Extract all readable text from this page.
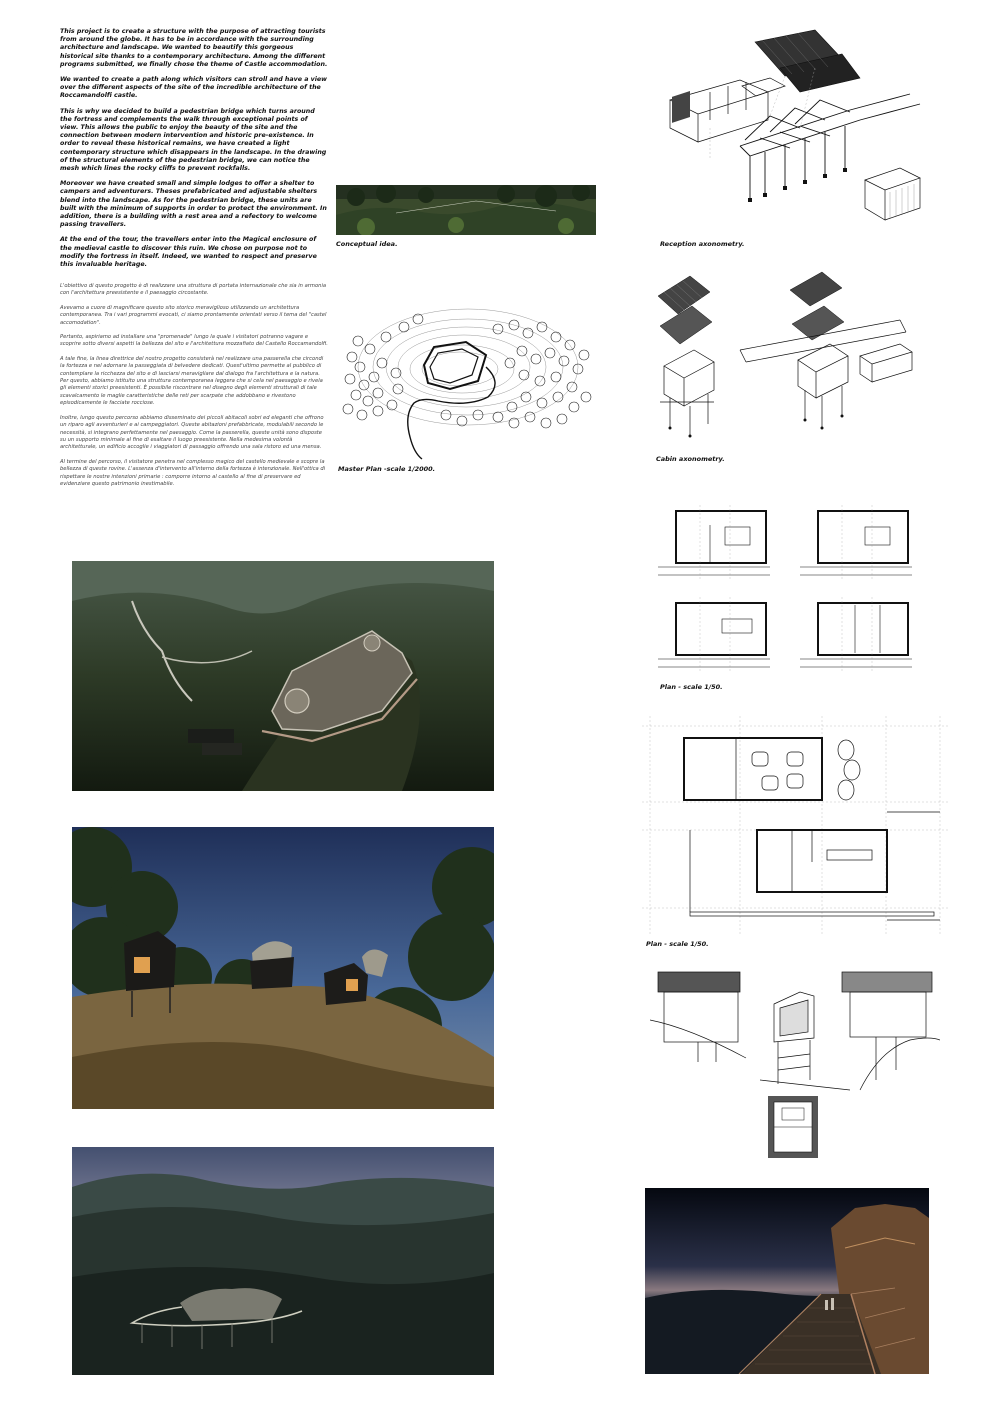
This project is to create a structure with the purpose of attracting tourists from around the globe. It has to be in accordance with the surrounding architecture and landscape. We wanted to beautify this gorgeous historical site thanks to a contemporary architecture. Among the different programs submitted, we finally chose the theme of Castle accommodation.

We wanted to create a path along which visitors can stroll and have a view over the different aspects of the site of the incredible architecture of the Roccamandolfi castle.

This is why we decided to build a pedestrian bridge which turns around the fortress and complements the walk through exceptional points of view. This allows the public to enjoy the beauty of the site and the connection between modern intervention and historic pre-existence. In order to reveal these historical remains, we have created a light contemporary structure which disappears in the landscape. In the drawing of the structural elements of the pedestrian bridge, we can notice the mesh which lines the rocky cliffs to prevent rockfalls.

Moreover we have created small and simple lodges to offer a shelter to campers and adventurers. Theses prefabricated and adjustable shelters blend into the landscape. As for the pedestrian bridge, these units are built with the minimum of supports in order to protect the environment. In addition, there is a building with a rest area and a refectory to welcome passing travellers.

At the end of the tour, the travellers enter into the Magical enclosure of the medieval castle to discover this ruin. We chose on purpose not to modify the fortress in itself. Indeed, we wanted to respect and preserve this invaluable heritage.

L'obiettivo di questo progetto è di realizzare una struttura di portata internazionale che sia in armonia con l'architettura preesistente e il paesaggio circostante.

Avevamo a cuore di magnificare questo sito storico meraviglioso utilizzando un architettura contemporanea. Tra i vari programmi evocati, ci siamo prontamente orientati verso il tema del "castel accomodation".

Pertanto, aspiriamo ad installare una "promenade" lungo la quale i visitatori potranno vagare e scoprire sotto diversi aspetti la bellezza del sito e l'architettura mozzafiato del Castello Roccamandolfi.

A tale fine, la linea direttrice del nostro progetto consisterà nel realizzare una passerella che circondi la fortezza e nel adornare la passeggiata di belvedere dedicati. Quest'ultimo permette al pubblico di contemplare la ricchezza del sito e di lasciarsi meravigliare dal dialogo fra l'architettura e la natura. Per questo, abbiamo istituito una struttura contemporanea leggera che si cela nel paesaggio e rivela gli elementi storici preesistenti. È possibile riscontrare nel disegno degli elementi strutturali di tale scavalcamento le maglie caratteristiche delle reti per scarpate che addobbano e rivestono episodicamente le facciate rocciose.

Inoltre, lungo questo percorso abbiamo disseminato dei piccoli abitacoli sobri ed eleganti che offrono un riparo agli avventurieri e ai campeggiatori. Queste abitazioni prefabbricate, modulabili secondo le necessità, si integrano perfettamente nel paesaggio. Come la passerella, queste unità sono disposte su un supporto minimale al fine di esaltare il luogo preesistente. Nella medesima volontà architetturale, un edificio accoglie i viaggiatori di passaggio offrendo una sala ristoro ed una mensa.

Al termine del percorso, il visitatore penetra nel complesso magico del castello medievale e scopre la bellezza di queste rovine. L'assenza d'intervento all'interno della fortezza è intenzionale. Nell'ottica di rispettare le nostre intenzioni primarie : comporre intorno al castello al fine di preservare ed evidenziare questo patrimonio inestimabile.

Conceptual idea.
Master Plan -scale 1/2000.
Reception axonometry.
Cabin axonometry.
Plan - scale 1/50.
Plan - scale 1/50.
